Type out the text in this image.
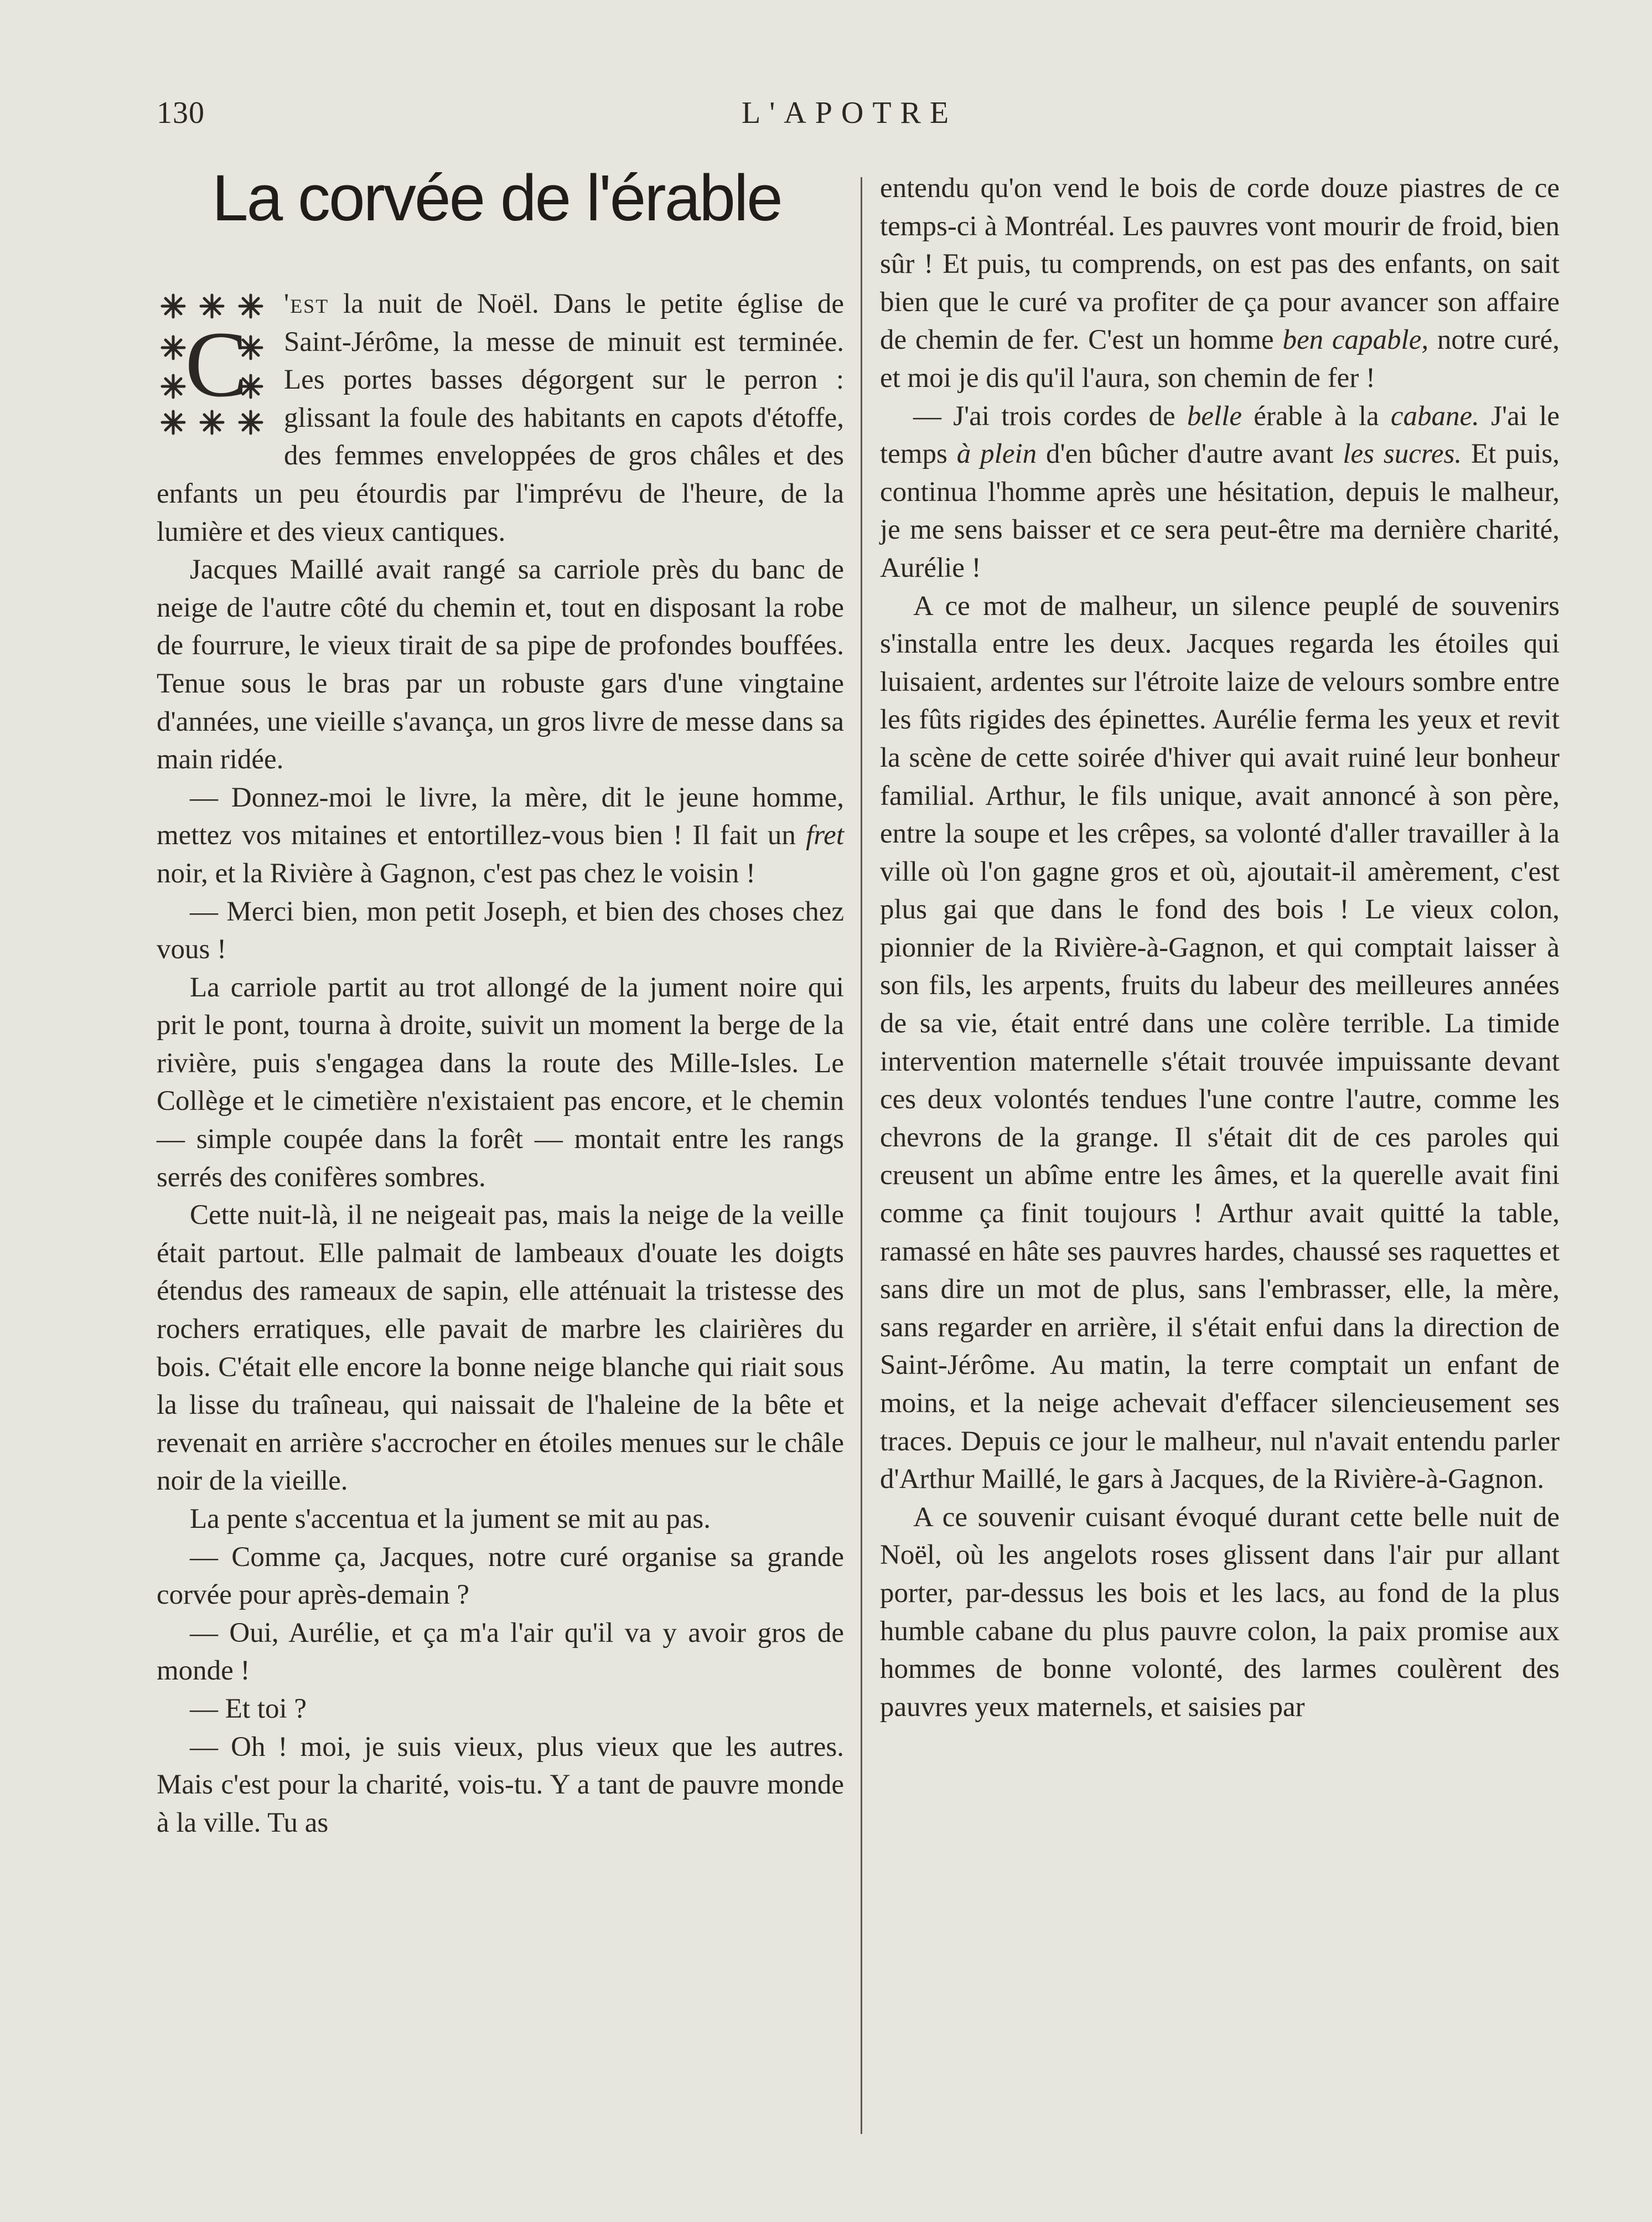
130	L'APOTRE
La corvée de l'érable

C
'est la nuit de Noël. Dans le petite église de Saint-Jérôme, la messe de minuit est terminée. Les portes basses dégorgent sur le perron : glissant la foule des habitants en capots d'étoffe, des femmes enveloppées de gros châles et des enfants un peu étourdis par l'imprévu de l'heure, de la lumière et des vieux cantiques.

Jacques Maillé avait rangé sa carriole près du banc de neige de l'autre côté du chemin et, tout en disposant la robe de fourrure, le vieux tirait de sa pipe de profondes bouffées. Tenue sous le bras par un robuste gars d'une vingtaine d'années, une vieille s'avança, un gros livre de messe dans sa main ridée.

— Donnez-moi le livre, la mère, dit le jeune homme, mettez vos mitaines et entortillez-vous bien ! Il fait un fret noir, et la Rivière à Gagnon, c'est pas chez le voisin !

— Merci bien, mon petit Joseph, et bien des choses chez vous !

La carriole partit au trot allongé de la jument noire qui prit le pont, tourna à droite, suivit un moment la berge de la rivière, puis s'engagea dans la route des Mille-Isles. Le Collège et le cimetière n'existaient pas encore, et le chemin — simple coupée dans la forêt — montait entre les rangs serrés des conifères sombres.

Cette nuit-là, il ne neigeait pas, mais la neige de la veille était partout. Elle palmait de lambeaux d'ouate les doigts étendus des rameaux de sapin, elle atténuait la tristesse des rochers erratiques, elle pavait de marbre les clairières du bois. C'était elle encore la bonne neige blanche qui riait sous la lisse du traîneau, qui naissait de l'haleine de la bête et revenait en arrière s'accrocher en étoiles menues sur le châle noir de la vieille.

La pente s'accentua et la jument se mit au pas.

— Comme ça, Jacques, notre curé organise sa grande corvée pour après-demain ?

— Oui, Aurélie, et ça m'a l'air qu'il va y avoir gros de monde !

— Et toi ?

— Oh ! moi, je suis vieux, plus vieux que les autres. Mais c'est pour la charité, vois-tu. Y a tant de pauvre monde à la ville. Tu as

entendu qu'on vend le bois de corde douze piastres de ce temps-ci à Montréal. Les pauvres vont mourir de froid, bien sûr ! Et puis, tu comprends, on est pas des enfants, on sait bien que le curé va profiter de ça pour avancer son affaire de chemin de fer. C'est un homme ben capable, notre curé, et moi je dis qu'il l'aura, son chemin de fer !

— J'ai trois cordes de belle érable à la cabane. J'ai le temps à plein d'en bûcher d'autre avant les sucres. Et puis, continua l'homme après une hésitation, depuis le malheur, je me sens baisser et ce sera peut-être ma dernière charité, Aurélie !

A ce mot de malheur, un silence peuplé de souvenirs s'installa entre les deux. Jacques regarda les étoiles qui luisaient, ardentes sur l'étroite laize de velours sombre entre les fûts rigides des épinettes. Aurélie ferma les yeux et revit la scène de cette soirée d'hiver qui avait ruiné leur bonheur familial. Arthur, le fils unique, avait annoncé à son père, entre la soupe et les crêpes, sa volonté d'aller travailler à la ville où l'on gagne gros et où, ajoutait-il amèrement, c'est plus gai que dans le fond des bois ! Le vieux colon, pionnier de la Rivière-à-Gagnon, et qui comptait laisser à son fils, les arpents, fruits du labeur des meilleures années de sa vie, était entré dans une colère terrible. La timide intervention maternelle s'était trouvée impuissante devant ces deux volontés tendues l'une contre l'autre, comme les chevrons de la grange. Il s'était dit de ces paroles qui creusent un abîme entre les âmes, et la querelle avait fini comme ça finit toujours ! Arthur avait quitté la table, ramassé en hâte ses pauvres hardes, chaussé ses raquettes et sans dire un mot de plus, sans l'embrasser, elle, la mère, sans regarder en arrière, il s'était enfui dans la direction de Saint-Jérôme. Au matin, la terre comptait un enfant de moins, et la neige achevait d'effacer silencieusement ses traces. Depuis ce jour le malheur, nul n'avait entendu parler d'Arthur Maillé, le gars à Jacques, de la Rivière-à-Gagnon.

A ce souvenir cuisant évoqué durant cette belle nuit de Noël, où les angelots roses glissent dans l'air pur allant porter, par-dessus les bois et les lacs, au fond de la plus humble cabane du plus pauvre colon, la paix promise aux hommes de bonne volonté, des larmes coulèrent des pauvres yeux maternels, et saisies par
